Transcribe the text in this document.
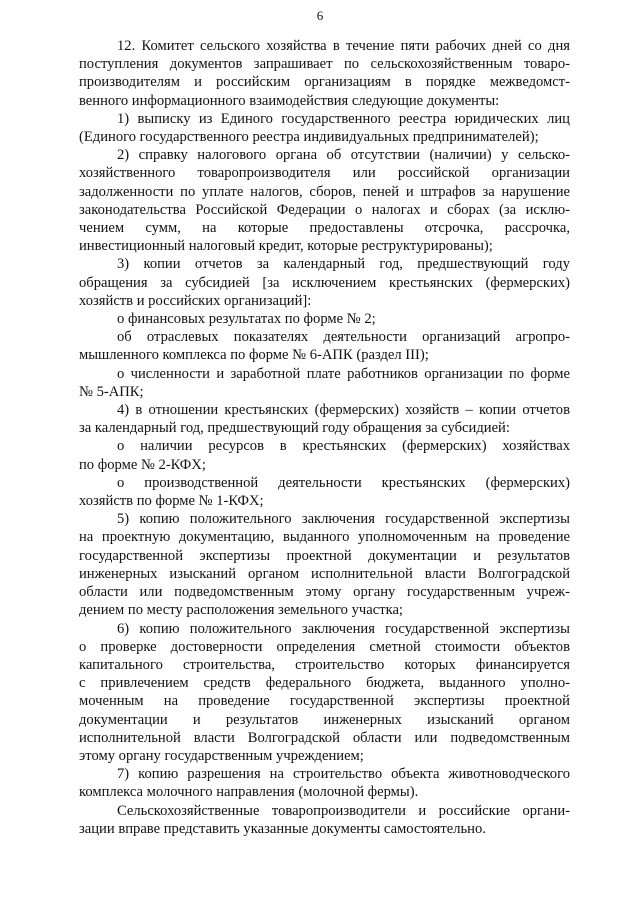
6
12. Комитет сельского хозяйства в течение пяти рабочих дней со дня
поступления документов запрашивает по сельскохозяйственным товаро-
производителям и российским организациям в порядке межведомст-
венного информационного взаимодействия следующие документы:
1) выписку из Единого государственного реестра юридических лиц
(Единого государственного реестра индивидуальных предпринимателей);
2) справку налогового органа об отсутствии (наличии) у сельско-
хозяйственного товаропроизводителя или российской организации
задолженности по уплате налогов, сборов, пеней и штрафов за нарушение
законодательства Российской Федерации о налогах и сборах (за исклю-
чением сумм, на которые предоставлены отсрочка, рассрочка,
инвестиционный налоговый кредит, которые реструктурированы);
3) копии отчетов за календарный год, предшествующий году
обращения за субсидией [за исключением крестьянских (фермерских)
хозяйств и российских организаций]:
о финансовых результатах по форме № 2;
об отраслевых показателях деятельности организаций агропро-
мышленного комплекса по форме № 6-АПК (раздел III);
о численности и заработной плате работников организации по форме
№ 5-АПК;
4) в отношении крестьянских (фермерских) хозяйств – копии отчетов
за календарный год, предшествующий году обращения за субсидией:
о наличии ресурсов в крестьянских (фермерских) хозяйствах
по форме № 2-КФХ;
о производственной деятельности крестьянских (фермерских)
хозяйств по форме № 1-КФХ;
5) копию положительного заключения государственной экспертизы
на проектную документацию, выданного уполномоченным на проведение
государственной экспертизы проектной документации и результатов
инженерных изысканий органом исполнительной власти Волгоградской
области или подведомственным этому органу государственным учреж-
дением по месту расположения земельного участка;
6) копию положительного заключения государственной экспертизы
о проверке достоверности определения сметной стоимости объектов
капитального строительства, строительство которых финансируется
с привлечением средств федерального бюджета, выданного уполно-
моченным на проведение государственной экспертизы проектной
документации и результатов инженерных изысканий органом
исполнительной власти Волгоградской области или подведомственным
этому органу государственным учреждением;
7) копию разрешения на строительство объекта животноводческого
комплекса молочного направления (молочной фермы).
Сельскохозяйственные товаропроизводители и российские органи-
зации вправе представить указанные документы самостоятельно.
